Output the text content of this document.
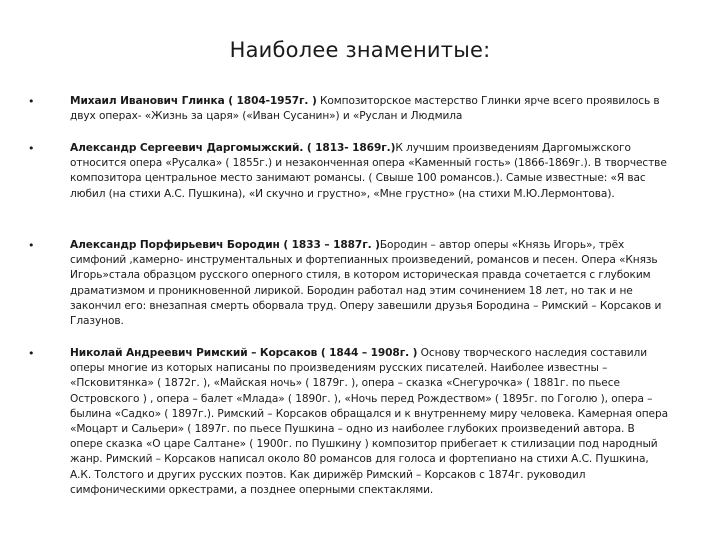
Наиболее знаменитые:
•	Михаил Иванович Глинка ( 1804-1957г. ) Композиторское мастерство Глинки ярче всего проявилось в двух операх- «Жизнь за царя» («Иван Сусанин») и «Руслан и Людмила
•	Александр Сергеевич Даргомыжский. ( 1813- 1869г.)К лучшим произведениям Даргомыжского относится опера «Русалка» ( 1855г.) и незаконченная опера «Каменный гость» (1866-1869г.). В творчестве композитора центральное место занимают романсы. ( Свыше 100 романсов.). Самые известные: «Я вас любил (на стихи А.С. Пушкина), «И скучно и грустно», «Мне грустно» (на стихи М.Ю.Лермонтова).
•	Александр Порфирьевич Бородин ( 1833 – 1887г. )Бородин – автор оперы «Князь Игорь», трёх симфоний ,камерно- инструментальных и фортепианных произведений, романсов и песен. Опера «Князь Игорь»стала образцом русского оперного стиля, в котором историческая правда сочетается с глубоким драматизмом и проникновенной лирикой. Бородин работал над этим сочинением 18 лет, но так и не закончил его: внезапная смерть оборвала труд. Оперу завешили друзья Бородина – Римский – Корсаков и Глазунов.
•	Николай Андреевич Римский – Корсаков ( 1844 – 1908г. ) Основу творческого наследия составили оперы многие из которых написаны по произведениям русских писателей. Наиболее известны – «Псковитянка» ( 1872г. ), «Майская ночь» ( 1879г. ), опера – сказка «Снегурочка» ( 1881г. по пьесе Островского ) , опера – балет «Млада» ( 1890г. ), «Ночь перед Рождеством» ( 1895г. по Гоголю ), опера – былина «Садко» ( 1897г.). Римский – Корсаков обращался и к внутреннему миру человека. Камерная опера «Моцарт и Сальери» ( 1897г. по пьесе Пушкина – одно из наиболее глубоких произведений автора. В опере сказка «О царе Салтане» ( 1900г. по Пушкину ) композитор прибегает к стилизации под народный жанр. Римский – Корсаков написал около 80 романсов для голоса и фортепиано на стихи А.С. Пушкина, А.К. Толстого и других русских поэтов. Как дирижёр Римский – Корсаков с 1874г. руководил симфоническими оркестрами, а позднее оперными спектаклями.
